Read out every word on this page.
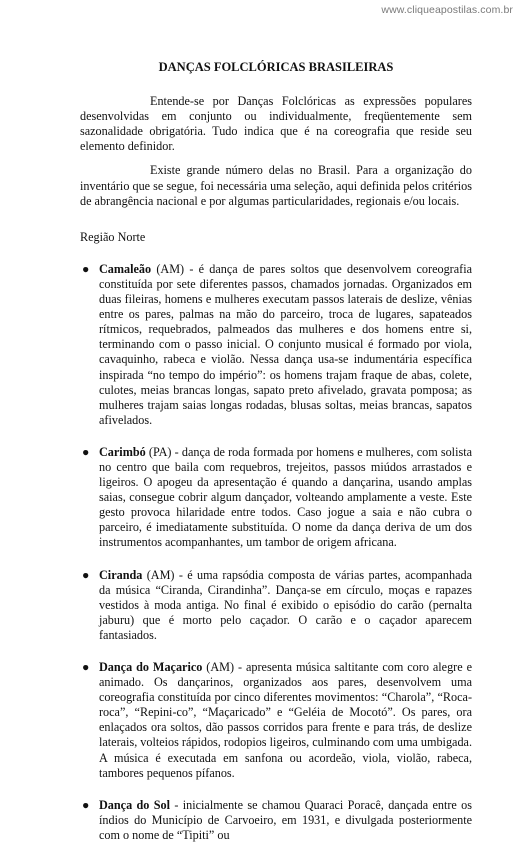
www.cliqueapostilas.com.br
DANÇAS FOLCLÓRICAS BRASILEIRAS

Entende-se por Danças Folclóricas as expressões populares desenvolvidas em conjunto ou individualmente, freqüentemente sem sazonalidade obrigatória. Tudo indica que é na coreografia que reside seu elemento definidor.

Existe grande número delas no Brasil. Para a organização do inventário que se segue, foi necessária uma seleção, aqui definida pelos critérios de abrangência nacional e por algumas particularidades, regionais e/ou locais.

Região Norte
● Camaleão (AM) - é dança de pares soltos que desenvolvem coreografia constituída por sete diferentes passos, chamados jornadas. Organizados em duas fileiras, homens e mulheres executam passos laterais de deslize, vênias entre os pares, palmas na mão do parceiro, troca de lugares, sapateados rítmicos, requebrados, palmeados das mulheres e dos homens entre si, terminando com o passo inicial. O conjunto musical é formado por viola, cavaquinho, rabeca e violão. Nessa dança usa-se indumentária específica inspirada “no tempo do império”: os homens trajam fraque de abas, colete, culotes, meias brancas longas, sapato preto afivelado, gravata pomposa; as mulheres trajam saias longas rodadas, blusas soltas, meias brancas, sapatos afivelados.
● Carimbó (PA) - dança de roda formada por homens e mulheres, com solista no centro que baila com requebros, trejeitos, passos miúdos arrastados e ligeiros. O apogeu da apresentação é quando a dançarina, usando amplas saias, consegue cobrir algum dançador, volteando amplamente a veste. Este gesto provoca hilaridade entre todos. Caso jogue a saia e não cubra o parceiro, é imediatamente substituída. O nome da dança deriva de um dos instrumentos acompanhantes, um tambor de origem africana.
● Ciranda (AM) - é uma rapsódia composta de várias partes, acompanhada da música “Ciranda, Cirandinha”. Dança-se em círculo, moças e rapazes vestidos à moda antiga. No final é exibido o episódio do carão (pernalta jaburu) que é morto pelo caçador. O carão e o caçador aparecem fantasiados.
● Dança do Maçarico (AM) - apresenta música saltitante com coro alegre e animado. Os dançarinos, organizados aos pares, desenvolvem uma coreografia constituída por cinco diferentes movimentos: “Charola”, “Roca-roca”, “Repini-co”, “Maçaricado” e “Geléia de Mocotó”. Os pares, ora enlaçados ora soltos, dão passos corridos para frente e para trás, de deslize laterais, volteios rápidos, rodopios ligeiros, culminando com uma umbigada. A música é executada em sanfona ou acordeão, viola, violão, rabeca, tambores pequenos pífanos.
● Dança do Sol - inicialmente se chamou Quaraci Poracê, dançada entre os índios do Município de Carvoeiro, em 1931, e divulgada posteriormente com o nome de “Tipiti” ou
